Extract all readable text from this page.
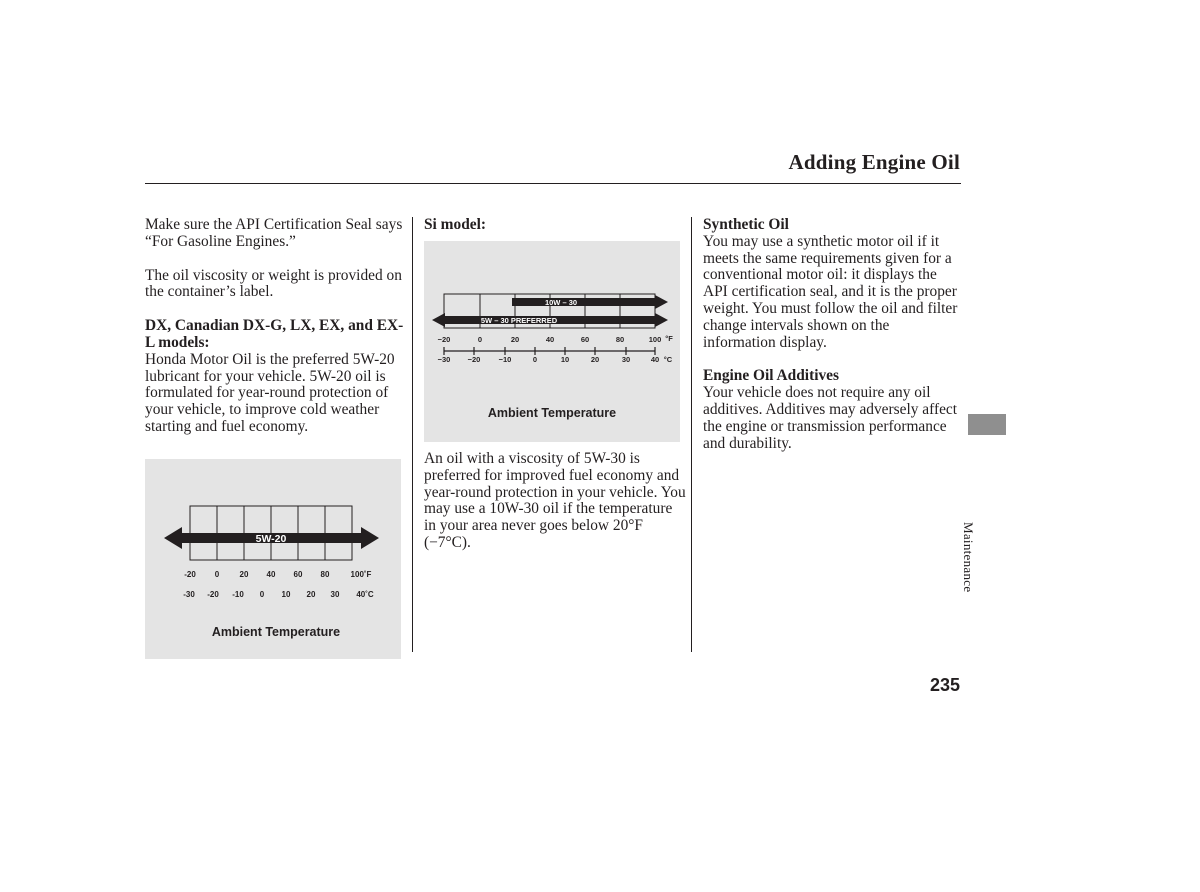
Adding Engine Oil

Make sure the API Certification Seal says “For Gasoline Engines.”

The oil viscosity or weight is provided on the container’s label.

DX, Canadian DX-G, LX, EX, and EX-L models:

Honda Motor Oil is the preferred 5W-20 lubricant for your vehicle. 5W-20 oil is formulated for year-round protection of your vehicle, to improve cold weather starting and fuel economy.

5W-20
-20 0	20 40 60 80	100˚F
-30 -20 -10 0 10 20 30 40˚C
Ambient Temperature
Si model:
10W – 30
5W – 30 PREFERRED
−20	0	20	40	60	80	100 °F
−30 −20 −10	0	10	20	30	40 °C
Ambient Temperature

An oil with a viscosity of 5W-30 is preferred for improved fuel economy and year-round protection in your vehicle. You may use a 10W-30 oil if the temperature in your area never goes below 20°F (−7°C).

Synthetic Oil

You may use a synthetic motor oil if it meets the same requirements given for a conventional motor oil: it displays the API certification seal, and it is the proper weight. You must follow the oil and filter change intervals shown on the information display.

Engine Oil Additives

Your vehicle does not require any oil additives. Additives may adversely affect the engine or transmission performance and durability.

Maintenance
235
